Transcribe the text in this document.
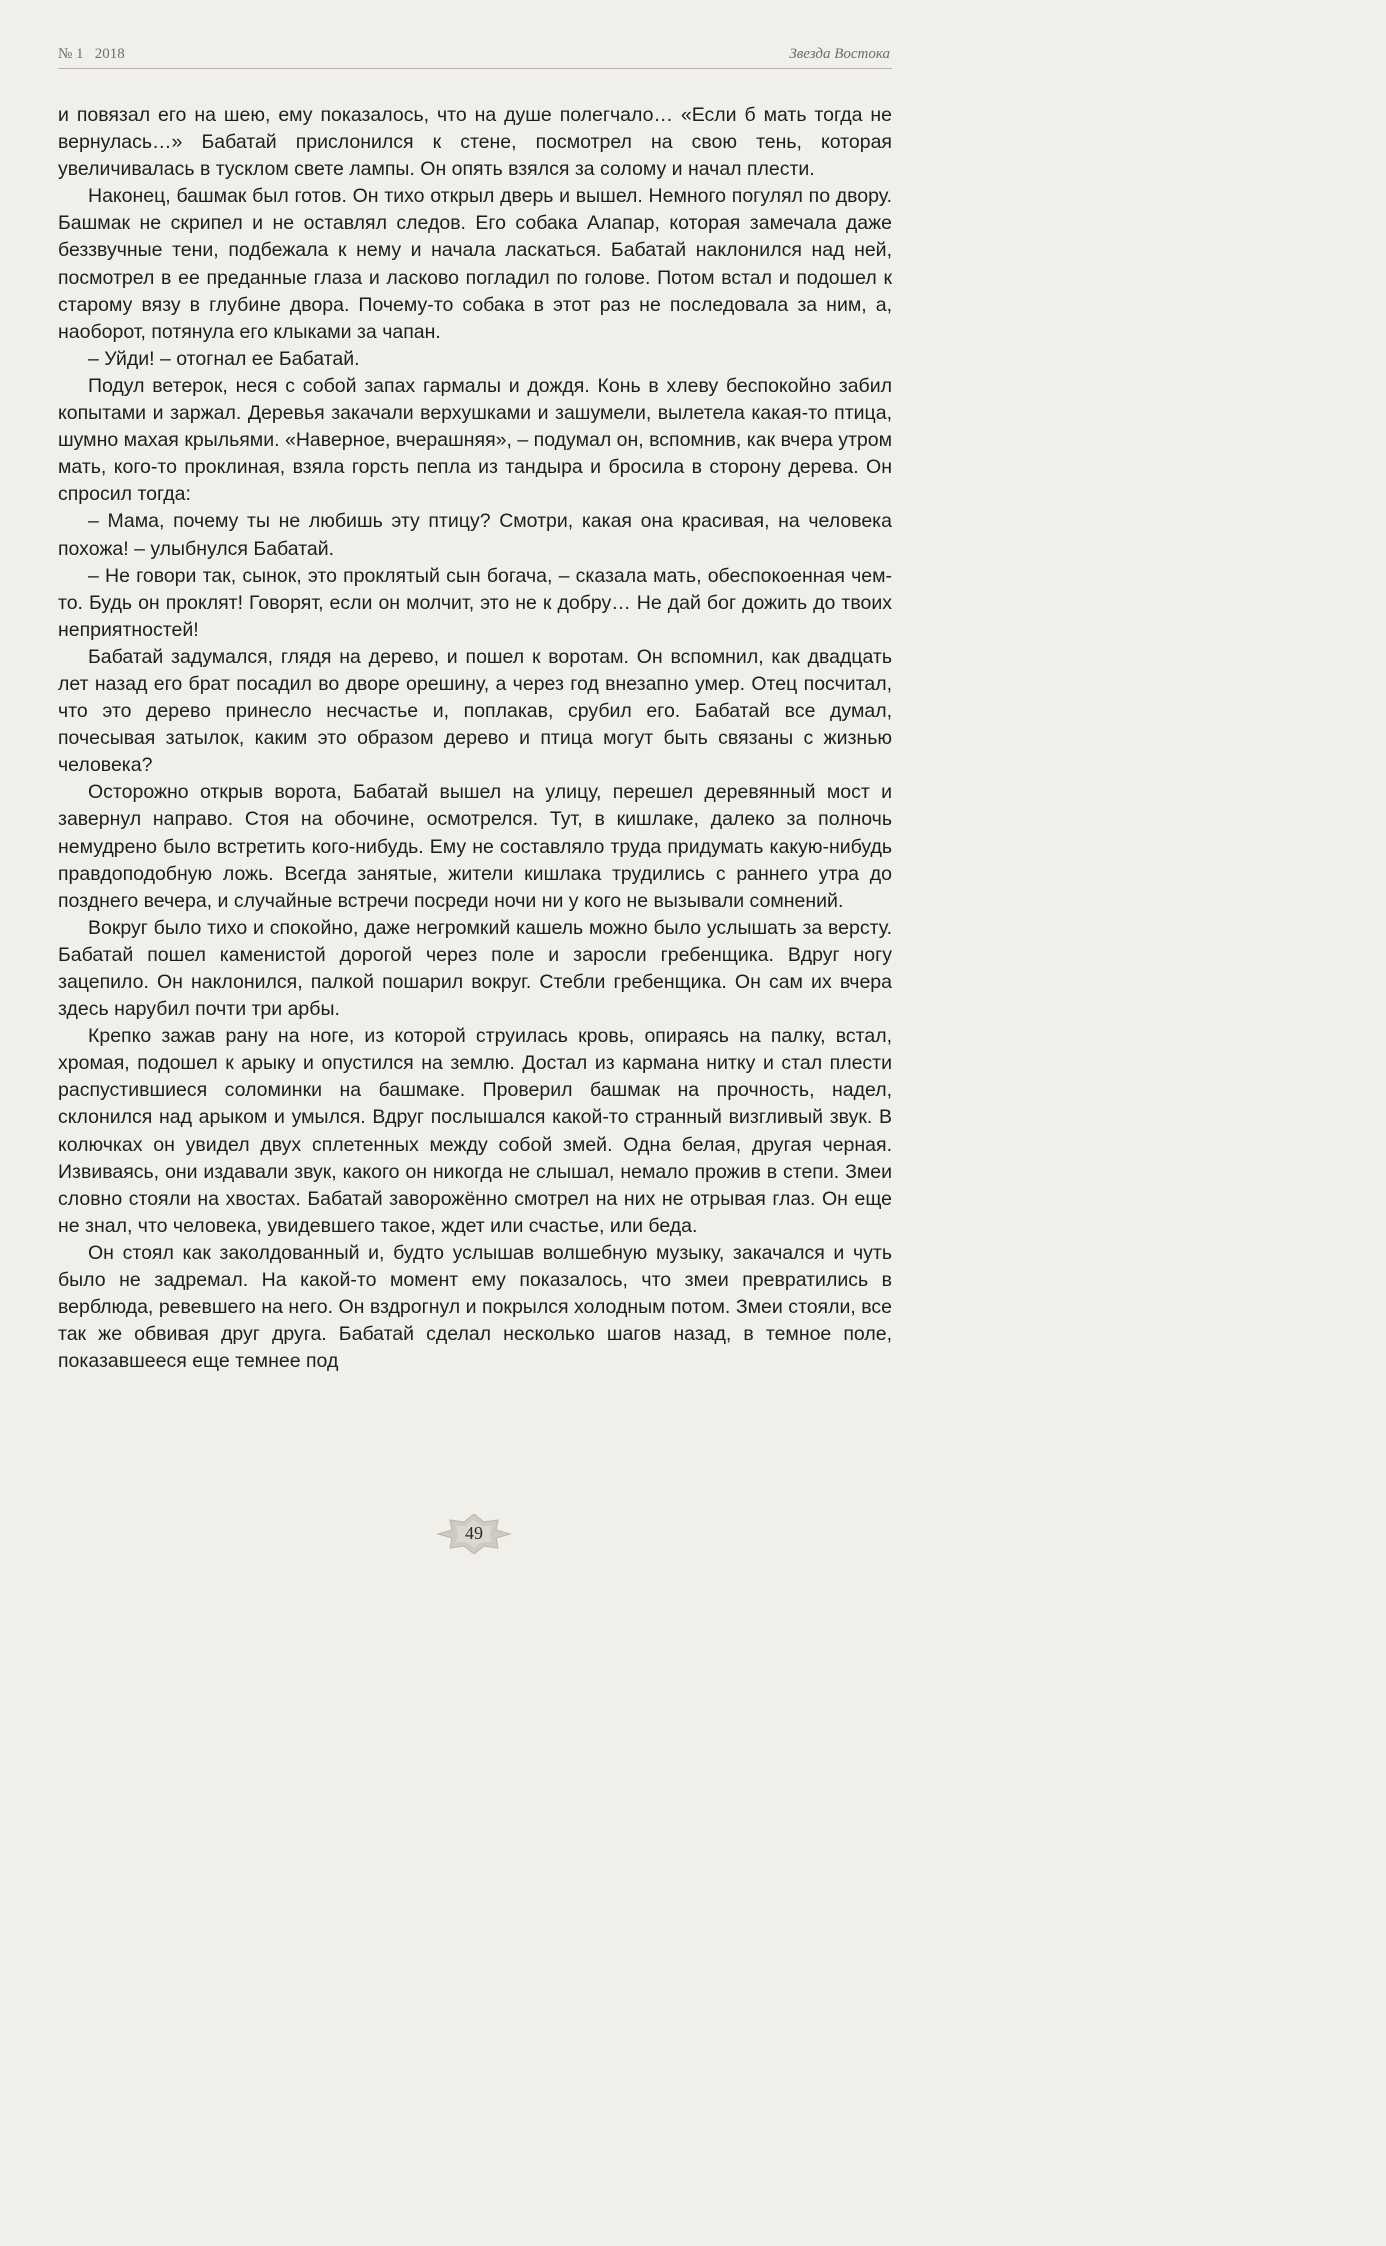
№ 1   2018	Звезда Востока

и повязал его на шею, ему показалось, что на душе полегчало… «Если б мать тогда не вернулась…» Бабатай прислонился к стене, посмотрел на свою тень, которая увеличивалась в тусклом свете лампы. Он опять взялся за солому и начал плести.

Наконец, башмак был готов. Он тихо открыл дверь и вышел. Немного погулял по двору. Башмак не скрипел и не оставлял следов. Его собака Алапар, которая замечала даже беззвучные тени, подбежала к нему и начала ласкаться. Бабатай наклонился над ней, посмотрел в ее преданные глаза и ласково погладил по голове. Потом встал и подошел к старому вязу в глубине двора. Почему-то собака в этот раз не последовала за ним, а, наоборот, потянула его клыками за чапан.

– Уйди! – отогнал ее Бабатай.

Подул ветерок, неся с собой запах гармалы и дождя. Конь в хлеву беспокойно забил копытами и заржал. Деревья закачали верхушками и зашумели, вылетела какая-то птица, шумно махая крыльями. «Наверное, вчерашняя», – подумал он, вспомнив, как вчера утром мать, кого-то проклиная, взяла горсть пепла из тандыра и бросила в сторону дерева. Он спросил тогда:

– Мама, почему ты не любишь эту птицу? Смотри, какая она красивая, на человека похожа! – улыбнулся Бабатай.

– Не говори так, сынок, это проклятый сын богача, – сказала мать, обеспокоенная чем-то. Будь он проклят! Говорят, если он молчит, это не к добру… Не дай бог дожить до твоих неприятностей!

Бабатай задумался, глядя на дерево, и пошел к воротам. Он вспомнил, как двадцать лет назад его брат посадил во дворе орешину, а через год внезапно умер. Отец посчитал, что это дерево принесло несчастье и, поплакав, срубил его. Бабатай все думал, почесывая затылок, каким это образом дерево и птица могут быть связаны с жизнью человека?

Осторожно открыв ворота, Бабатай вышел на улицу, перешел деревянный мост и завернул направо. Стоя на обочине, осмотрелся. Тут, в кишлаке, далеко за полночь немудрено было встретить кого-нибудь. Ему не составляло труда придумать какую-нибудь правдоподобную ложь. Всегда занятые, жители кишлака трудились с раннего утра до позднего вечера, и случайные встречи посреди ночи ни у кого не вызывали сомнений.

Вокруг было тихо и спокойно, даже негромкий кашель можно было услышать за версту. Бабатай пошел каменистой дорогой через поле и заросли гребенщика. Вдруг ногу зацепило. Он наклонился, палкой пошарил вокруг. Стебли гребенщика. Он сам их вчера здесь нарубил почти три арбы.

Крепко зажав рану на ноге, из которой струилась кровь, опираясь на палку, встал, хромая, подошел к арыку и опустился на землю. Достал из кармана нитку и стал плести распустившиеся соломинки на башмаке. Проверил башмак на прочность, надел, склонился над арыком и умылся. Вдруг послышался какой-то странный визгливый звук. В колючках он увидел двух сплетенных между собой змей. Одна белая, другая черная. Извиваясь, они издавали звук, какого он никогда не слышал, немало прожив в степи. Змеи словно стояли на хвостах. Бабатай заворожённо смотрел на них не отрывая глаз. Он еще не знал, что человека, увидевшего такое, ждет или счастье, или беда.

Он стоял как заколдованный и, будто услышав волшебную музыку, закачался и чуть было не задремал. На какой-то момент ему показалось, что змеи превратились в верблюда, ревевшего на него. Он вздрогнул и покрылся холодным потом. Змеи стояли, все так же обвивая друг друга. Бабатай сделал несколько шагов назад, в темное поле, показавшееся еще темнее под

49
